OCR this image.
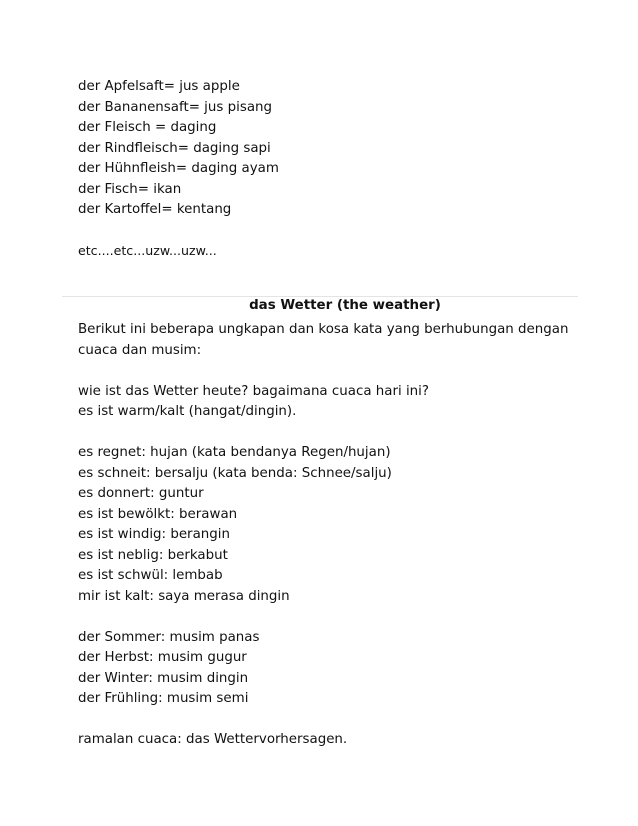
der Apfelsaft= jus apple
der Bananensaft= jus pisang
der Fleisch = daging
der Rindfleisch= daging sapi
der Hühnfleish= daging ayam
der Fisch= ikan
der Kartoffel= kentang
etc....etc...uzw...uzw...
das Wetter (the weather)
Berikut ini beberapa ungkapan dan kosa kata yang berhubungan dengan
cuaca dan musim:
wie ist das Wetter heute? bagaimana cuaca hari ini?
es ist warm/kalt (hangat/dingin).
es regnet: hujan (kata bendanya Regen/hujan)
es schneit: bersalju (kata benda: Schnee/salju)
es donnert: guntur
es ist bewölkt: berawan
es ist windig: berangin
es ist neblig: berkabut
es ist schwül: lembab
mir ist kalt: saya merasa dingin
der Sommer: musim panas
der Herbst: musim gugur
der Winter: musim dingin
der Frühling: musim semi
ramalan cuaca: das Wettervorhersagen.
